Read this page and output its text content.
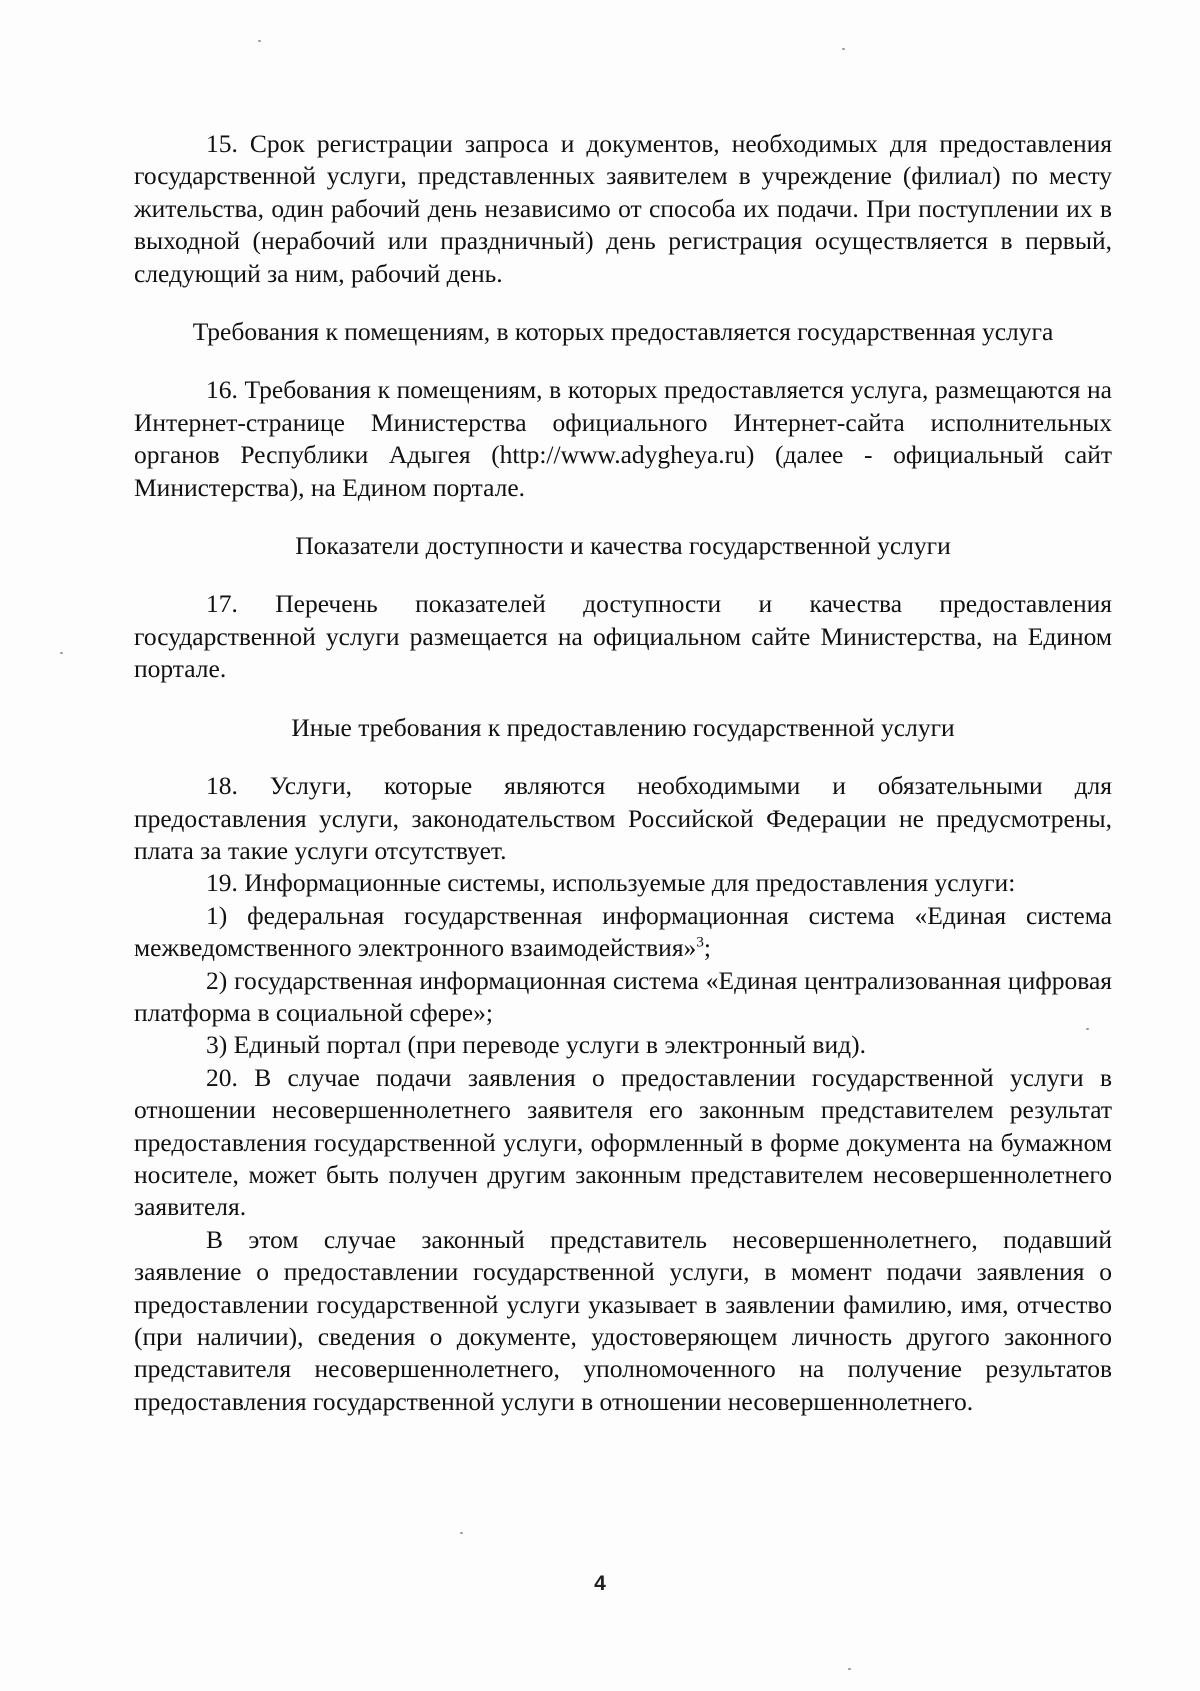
15. Срок регистрации запроса и документов, необходимых для предоставления государственной услуги, представленных заявителем в учреждение (филиал) по месту жительства, один рабочий день независимо от способа их подачи. При поступлении их в выходной (нерабочий или праздничный) день регистрация осуществляется в первый, следующий за ним, рабочий день.

Требования к помещениям, в которых предоставляется государственная услуга

16. Требования к помещениям, в которых предоставляется услуга, размещаются на Интернет-странице Министерства официального Интернет-сайта исполнительных органов Республики Адыгея (http://www.adygheya.ru) (далее - официальный сайт Министерства), на Едином портале.

Показатели доступности и качества государственной услуги

17. Перечень показателей доступности и качества предоставления государственной услуги размещается на официальном сайте Министерства, на Едином портале.

Иные требования к предоставлению государственной услуги

18. Услуги, которые являются необходимыми и обязательными для предоставления услуги, законодательством Российской Федерации не предусмотрены, плата за такие услуги отсутствует.

19. Информационные системы, используемые для предоставления услуги:

1) федеральная государственная информационная система «Единая система межведомственного электронного взаимодействия»$^3$;

2) государственная информационная система «Единая централизованная цифровая платформа в социальной сфере»;

3) Единый портал (при переводе услуги в электронный вид).

20. В случае подачи заявления о предоставлении государственной услуги в отношении несовершеннолетнего заявителя его законным представителем результат предоставления государственной услуги, оформленный в форме документа на бумажном носителе, может быть получен другим законным представителем несовершеннолетнего заявителя.

В этом случае законный представитель несовершеннолетнего, подавший заявление о предоставлении государственной услуги, в момент подачи заявления о предоставлении государственной услуги указывает в заявлении фамилию, имя, отчество (при наличии), сведения о документе, удостоверяющем личность другого законного представителя несовершеннолетнего, уполномоченного на получение результатов предоставления государственной услуги в отношении несовершеннолетнего.

4
